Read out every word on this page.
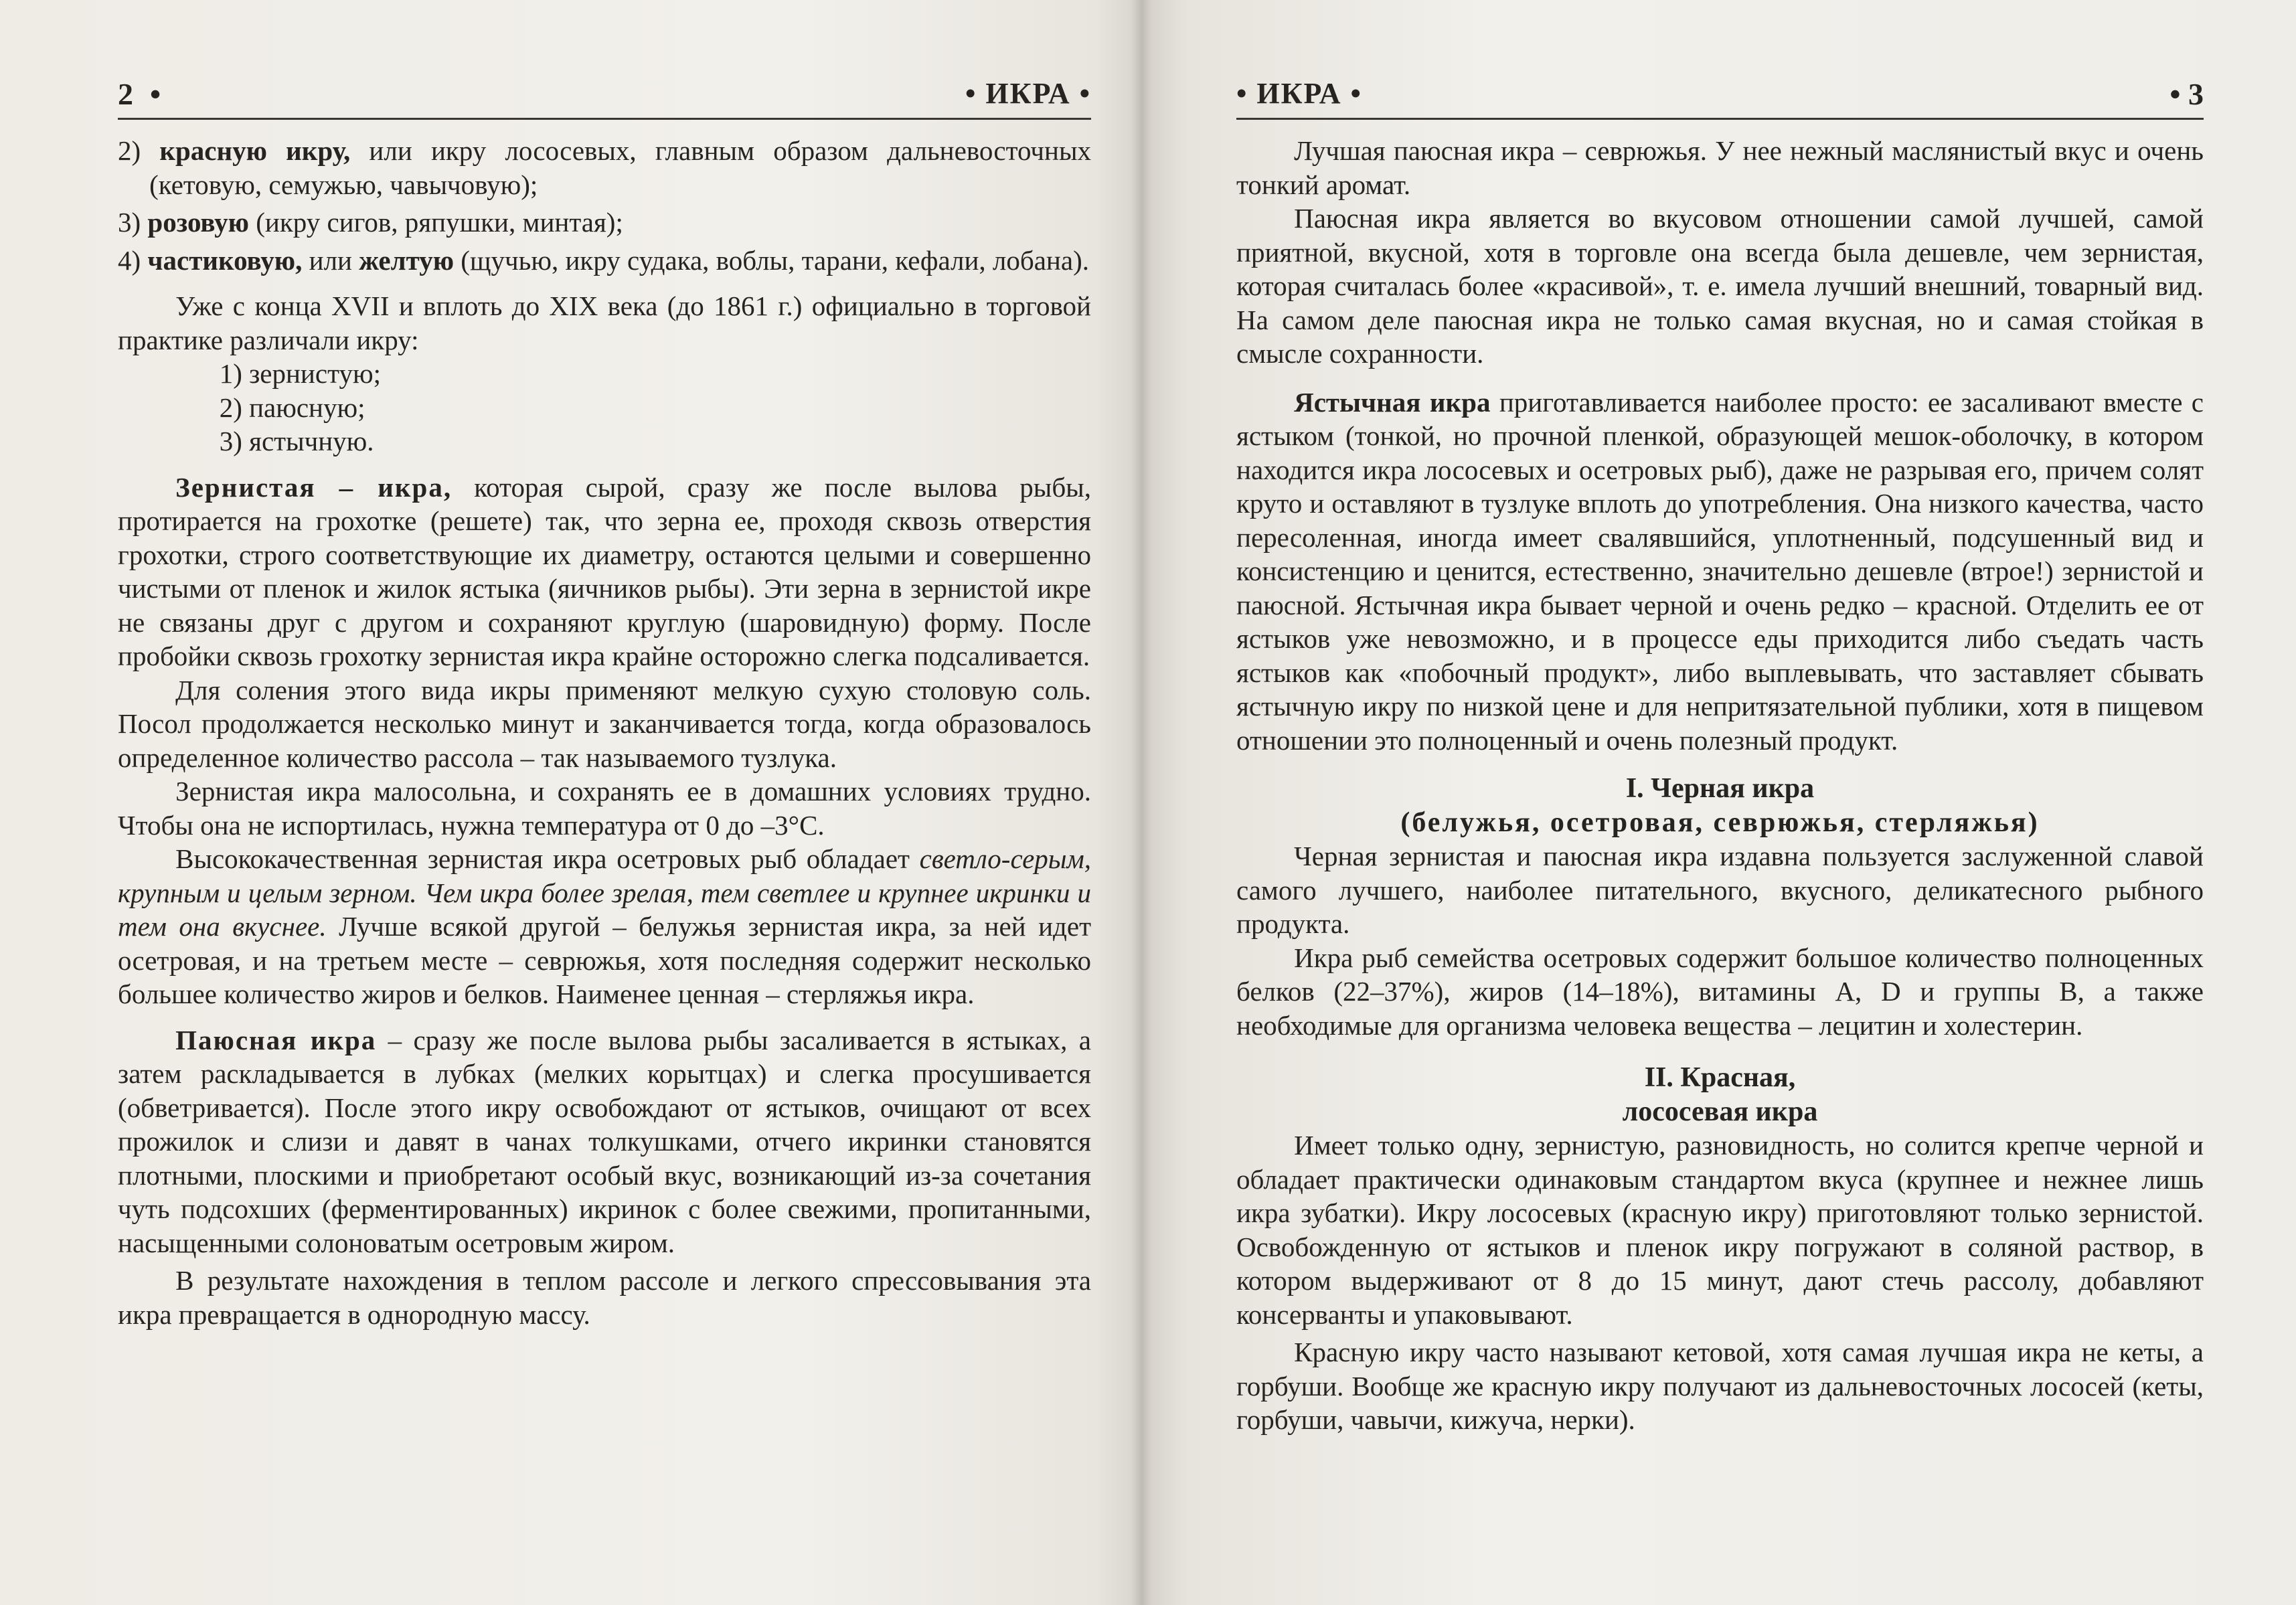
2 •	• ИКРА •

2) красную икру, или икру лососевых, главным образом дальневосточных (кетовую, семужью, чавычовую);

3) розовую (икру сигов, ряпушки, минтая);

4) частиковую, или желтую (щучью, икру судака, воблы, тарани, кефали, лобана).

Уже с конца XVII и вплоть до XIX века (до 1861 г.) официально в торговой практике различали икру:

1) зернистую;
2) паюсную;
3) ястычную.

Зернистая – икра, которая сырой, сразу же после вылова рыбы, протирается на грохотке (решете) так, что зерна ее, проходя сквозь отверстия грохотки, строго соответствующие их диаметру, остаются целыми и совершенно чистыми от пленок и жилок ястыка (яичников рыбы). Эти зерна в зернистой икре не связаны друг с другом и сохраняют круглую (шаровидную) форму. После пробойки сквозь грохотку зернистая икра крайне осторожно слегка подсаливается.

Для соления этого вида икры применяют мелкую сухую столовую соль. Посол продолжается несколько минут и заканчивается тогда, когда образовалось определенное количество рассола – так называемого тузлука.

Зернистая икра малосольна, и сохранять ее в домашних условиях трудно. Чтобы она не испортилась, нужна температура от 0 до –3°С.

Высококачественная зернистая икра осетровых рыб обладает светло-серым, крупным и целым зерном. Чем икра более зрелая, тем светлее и крупнее икринки и тем она вкуснее. Лучше всякой другой – белужья зернистая икра, за ней идет осетровая, и на третьем месте – севрюжья, хотя последняя содержит несколько большее количество жиров и белков. Наименее ценная – стерляжья икра.

Паюсная икра – сразу же после вылова рыбы засаливается в ястыках, а затем раскладывается в лубках (мелких корытцах) и слегка просушивается (обветривается). После этого икру освобождают от ястыков, очищают от всех прожилок и слизи и давят в чанах толкушками, отчего икринки становятся плотными, плоскими и приобретают особый вкус, возникающий из-за сочетания чуть подсохших (ферментированных) икринок с более свежими, пропитанными, насыщенными солоноватым осетровым жиром.

В результате нахождения в теплом рассоле и легкого спрессовывания эта икра превращается в однородную массу.

• ИКРА •	• 3

Лучшая паюсная икра – севрюжья. У нее нежный маслянистый вкус и очень тонкий аромат.

Паюсная икра является во вкусовом отношении самой лучшей, самой приятной, вкусной, хотя в торговле она всегда была дешевле, чем зернистая, которая считалась более «красивой», т. е. имела лучший внешний, товарный вид. На самом деле паюсная икра не только самая вкусная, но и самая стойкая в смысле сохранности.

Ястычная икра приготавливается наиболее просто: ее засаливают вместе с ястыком (тонкой, но прочной пленкой, образующей мешок-оболочку, в котором находится икра лососевых и осетровых рыб), даже не разрывая его, причем солят круто и оставляют в тузлуке вплоть до употребления. Она низкого качества, часто пересоленная, иногда имеет свалявшийся, уплотненный, подсушенный вид и консистенцию и ценится, естественно, значительно дешевле (втрое!) зернистой и паюсной. Ястычная икра бывает черной и очень редко – красной. Отделить ее от ястыков уже невозможно, и в процессе еды приходится либо съедать часть ястыков как «побочный продукт», либо выплевывать, что заставляет сбывать ястычную икру по низкой цене и для непритязательной публики, хотя в пищевом отношении это полноценный и очень полезный продукт.

I. Черная икра
(белужья, осетровая, севрюжья, стерляжья)

Черная зернистая и паюсная икра издавна пользуется заслуженной славой самого лучшего, наиболее питательного, вкусного, деликатесного рыбного продукта.

Икра рыб семейства осетровых содержит большое количество полноценных белков (22–37%), жиров (14–18%), витамины А, D и группы В, а также необходимые для организма человека вещества – лецитин и холестерин.

II. Красная,
лососевая икра

Имеет только одну, зернистую, разновидность, но солится крепче черной и обладает практически одинаковым стандартом вкуса (крупнее и нежнее лишь икра зубатки). Икру лососевых (красную икру) приготовляют только зернистой. Освобожденную от ястыков и пленок икру погружают в соляной раствор, в котором выдерживают от 8 до 15 минут, дают стечь рассолу, добавляют консерванты и упаковывают.

Красную икру часто называют кетовой, хотя самая лучшая икра не кеты, а горбуши. Вообще же красную икру получают из дальневосточных лососей (кеты, горбуши, чавычи, кижуча, нерки).
